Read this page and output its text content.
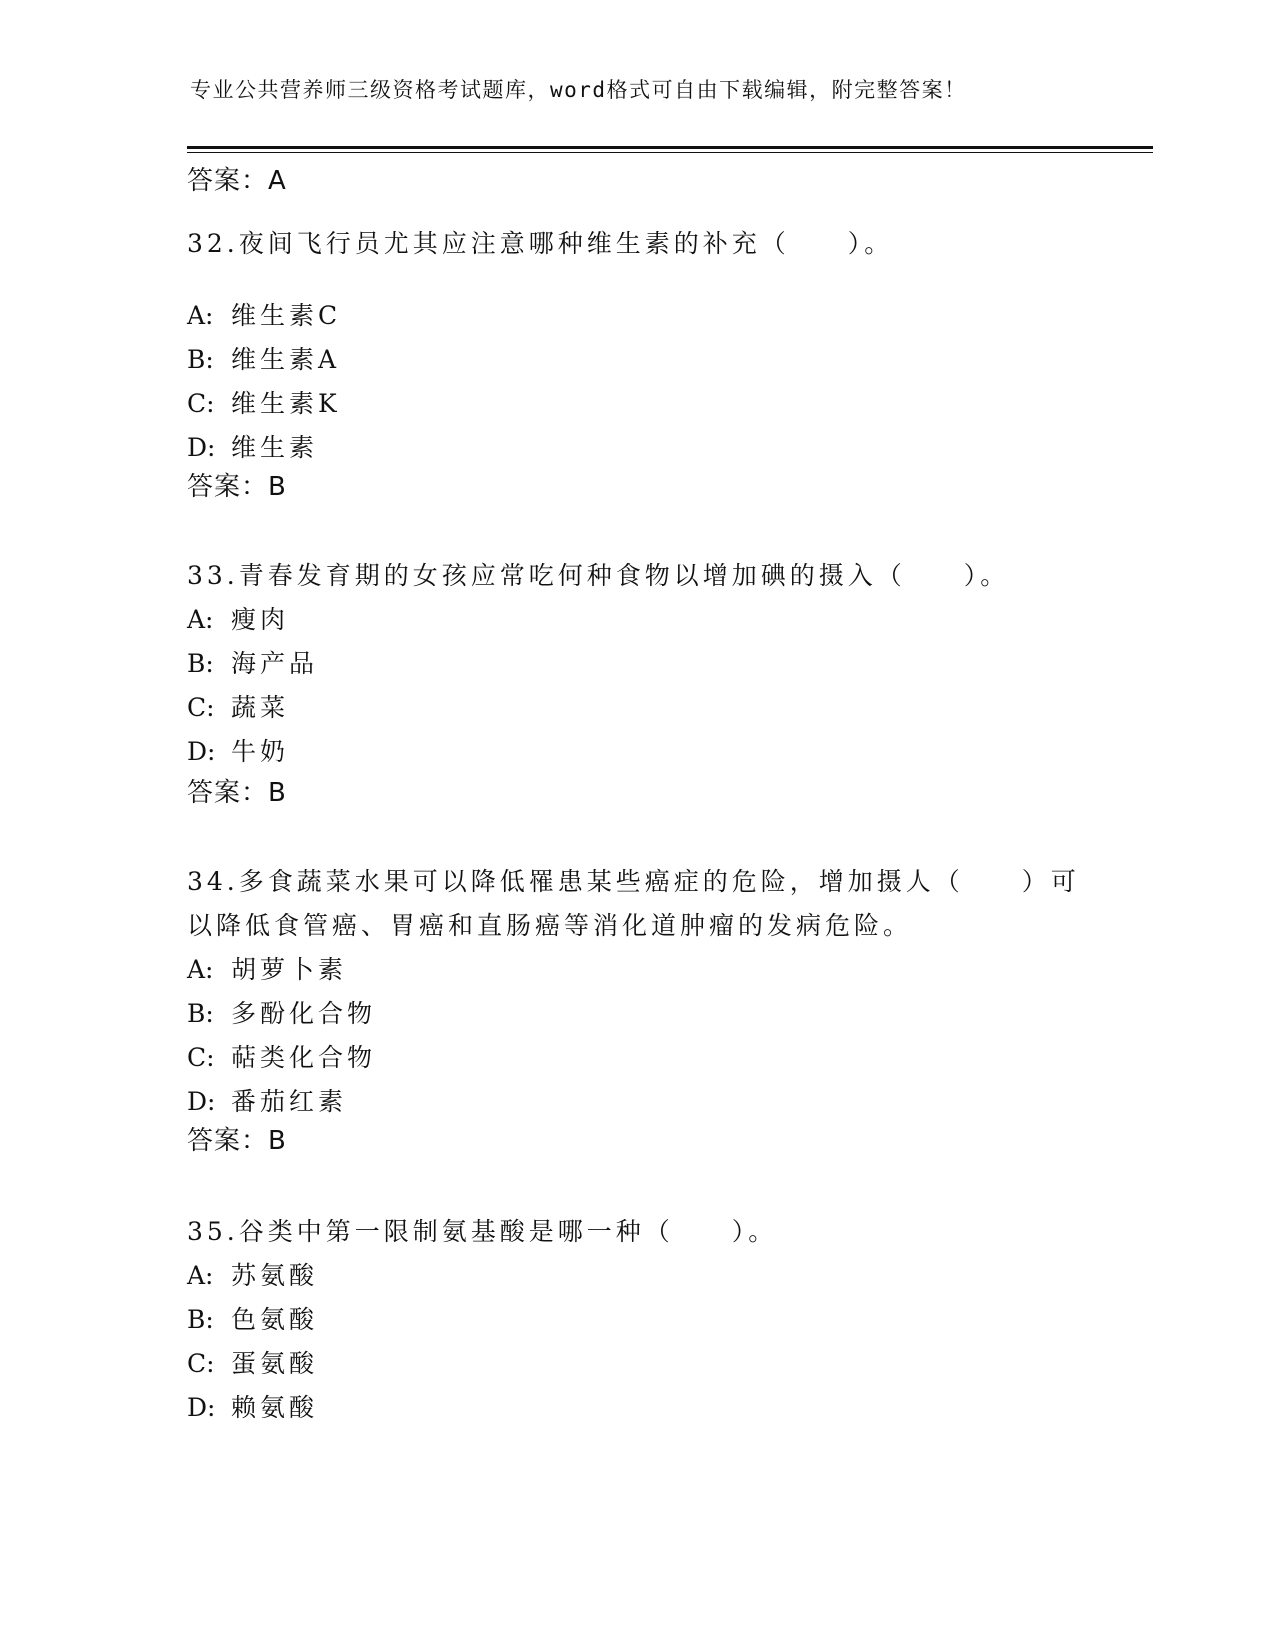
专业公共营养师三级资格考试题库，word格式可自由下载编辑，附完整答案！
答案：A
32.夜间飞行员尤其应注意哪种维生素的补充（　　）。
A: 维生素C
B: 维生素A
C: 维生素K
D: 维生素
答案：B
33.青春发育期的女孩应常吃何种食物以增加碘的摄入（　　）。
A: 瘦肉
B: 海产品
C: 蔬菜
D: 牛奶
答案：B
34.多食蔬菜水果可以降低罹患某些癌症的危险，增加摄人（　　）可
以降低食管癌、胃癌和直肠癌等消化道肿瘤的发病危险。
A: 胡萝卜素
B: 多酚化合物
C: 萜类化合物
D: 番茄红素
答案：B
35.谷类中第一限制氨基酸是哪一种（　　）。
A: 苏氨酸
B: 色氨酸
C: 蛋氨酸
D: 赖氨酸
